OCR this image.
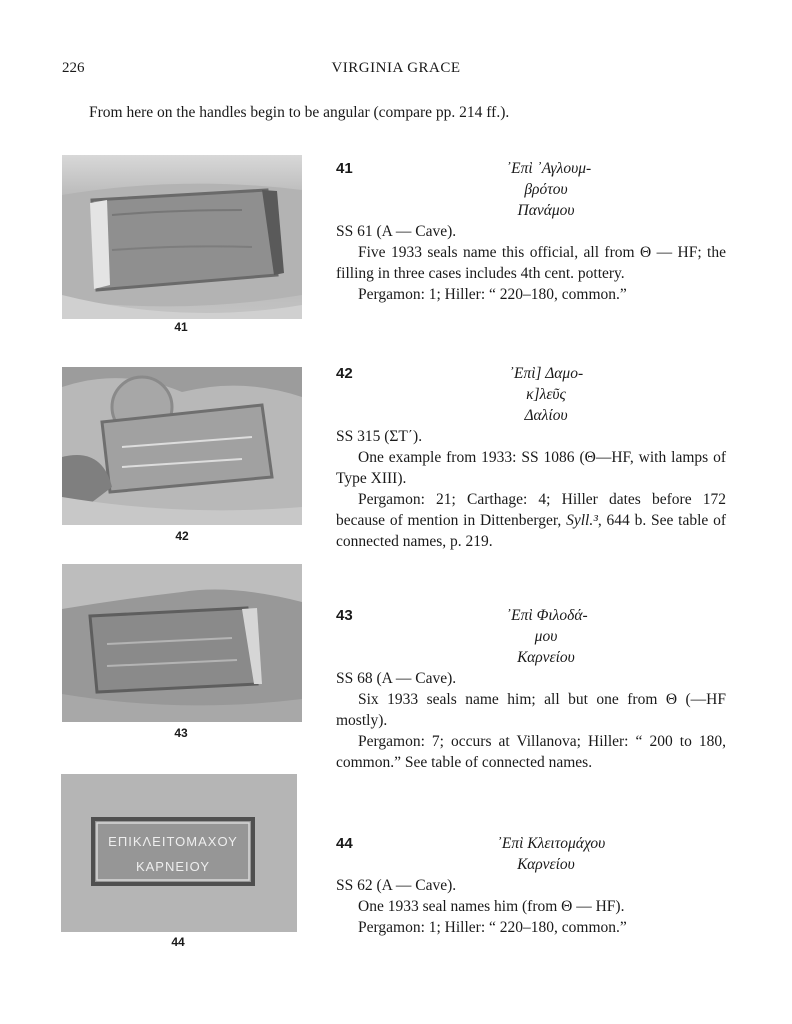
226	VIRGINIA GRACE
From here on the handles begin to be angular (compare pp. 214 ff.).
41
42
43
ΕΠΙΚΛΕΙΤΟΜΑΧΟΥ
ΚΑΡΝΕΙΟΥ
44
41	᾿Επὶ ᾿Αγλουμ-
βρότου
Πανάμου

SS 61 (A — Cave).

Five 1933 seals name this official, all from Θ — HF; the filling in three cases includes 4th cent. pottery.

Pergamon: 1; Hiller: “ 220–180, common.”

42	᾿Επὶ] Δαμο-
κ]λεῦς
Δαλίου

SS 315 (ΣΤ΄).

One example from 1933: SS 1086 (Θ—HF, with lamps of Type XIII).

Pergamon: 21; Carthage: 4; Hiller dates before 172 because of mention in Dittenberger, Syll.³, 644 b. See table of connected names, p. 219.

43	᾿Επὶ Φιλοδά-
μου
Καρνείου

SS 68 (A — Cave).

Six 1933 seals name him; all but one from Θ (—HF mostly).

Pergamon: 7; occurs at Villanova; Hiller: “ 200 to 180, common.” See table of connected names.

44	᾿Επὶ Κλειτομάχου
Καρνείου

SS 62 (A — Cave).

One 1933 seal names him (from Θ — HF).

Pergamon: 1; Hiller: “ 220–180, common.”
